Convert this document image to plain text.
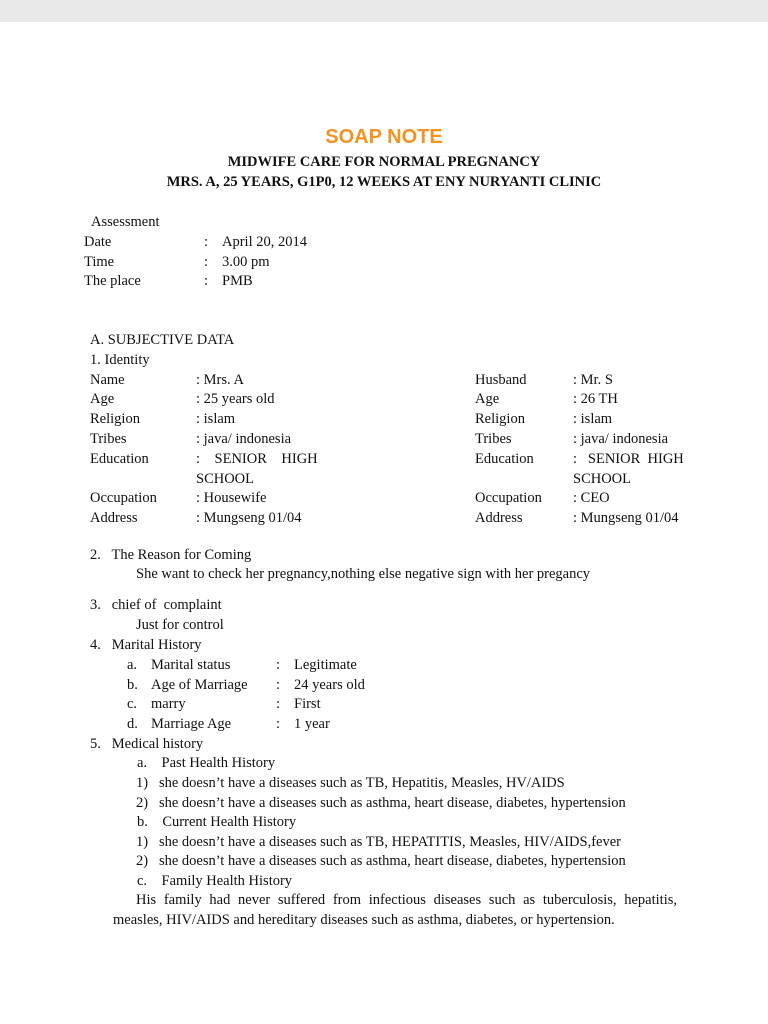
SOAP NOTE
MIDWIFE CARE FOR NORMAL PREGNANCY
MRS. A, 25 YEARS, G1P0, 12 WEEKS AT ENY NURYANTI CLINIC
Assessment
Date	: April 20, 2014
Time	: 3.00 pm
The place	: PMB
A. SUBJECTIVE DATA
1. Identity
Name	: Mrs. A
Age	: 25 years old
Religion	: islam
Tribes	: java/ indonesia
Education	:    SENIOR    HIGH
SCHOOL
Occupation	: Housewife
Address	: Mungseng 01/04
Husband	: Mr. S
Age	: 26 TH
Religion	: islam
Tribes	: java/ indonesia
Education	:   SENIOR  HIGH
SCHOOL
Occupation : CEO
Address	: Mungseng 01/04
2.   The Reason for Coming
She want to check her pregnancy,nothing else negative sign with her pregancy
3.   chief of  complaint
Just for control
4.   Marital History
a. Marital status	: Legitimate
b. Age of Marriage : 24 years old
c. marry	: First
d. Marriage Age	: 1 year
5.   Medical history
a.    Past Health History
1)   she doesn’t have a diseases such as TB, Hepatitis, Measles, HV/AIDS
2)   she doesn’t have a diseases such as asthma, heart disease, diabetes, hypertension
b.    Current Health History
1)   she doesn’t have a diseases such as TB, HEPATITIS, Measles, HIV/AIDS,fever
2)   she doesn’t have a diseases such as asthma, heart disease, diabetes, hypertension
c.    Family Health History
His family had never suffered from infectious diseases such as tuberculosis, hepatitis,
measles, HIV/AIDS and hereditary diseases such as asthma, diabetes, or hypertension.
